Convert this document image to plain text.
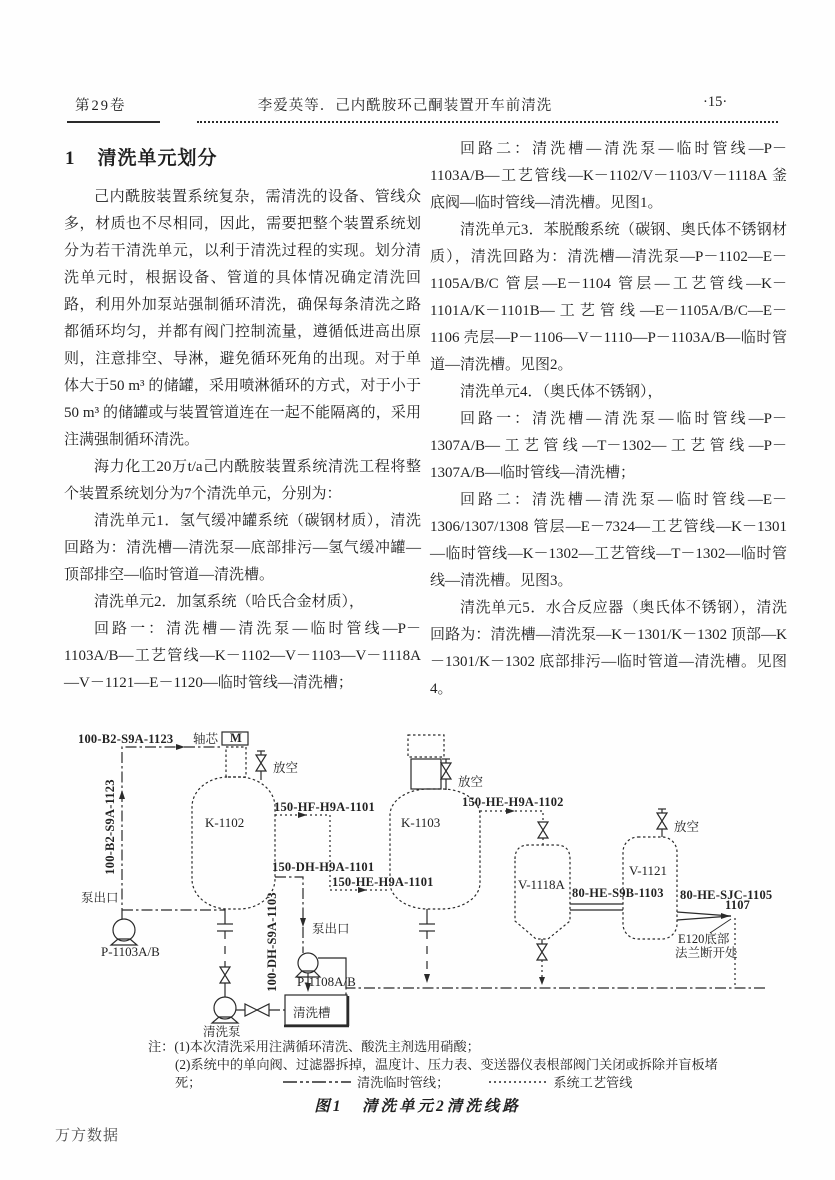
第29卷	李爱英等．己内酰胺环己酮装置开车前清洗	·15·
1 清洗单元划分

己内酰胺装置系统复杂，需清洗的设备、管线众多，材质也不尽相同，因此，需要把整个装置系统划分为若干清洗单元，以利于清洗过程的实现。划分清洗单元时，根据设备、管道的具体情况确定清洗回路，利用外加泵站强制循环清洗，确保每条清洗之路都循环均匀，并都有阀门控制流量，遵循低进高出原则，注意排空、导淋，避免循环死角的出现。对于单体大于50 m³ 的储罐，采用喷淋循环的方式，对于小于50 m³ 的储罐或与装置管道连在一起不能隔离的，采用注满强制循环清洗。

海力化工20万t/a己内酰胺装置系统清洗工程将整个装置系统划分为7个清洗单元，分别为：

清洗单元1．氢气缓冲罐系统（碳钢材质），清洗回路为：清洗槽—清洗泵—底部排污—氢气缓冲罐—顶部排空—临时管道—清洗槽。

清洗单元2．加氢系统（哈氏合金材质），

回路一：清洗槽—清洗泵—临时管线—P－1103A/B—工艺管线—K－1102—V－1103—V－1118A—V－1121—E－1120—临时管线—清洗槽；

回路二：清洗槽—清洗泵—临时管线—P－1103A/B—工艺管线—K－1102/V－1103/V－1118A 釜底阀—临时管线—清洗槽。见图1。

清洗单元3．苯脱酸系统（碳钢、奥氏体不锈钢材质），清洗回路为：清洗槽—清洗泵—P－1102—E－1105A/B/C 管层—E－1104 管层—工艺管线—K－1101A/K－1101B—工艺管线—E－1105A/B/C—E－1106 壳层—P－1106—V－1110—P－1103A/B—临时管道—清洗槽。见图2。

清洗单元4．（奥氏体不锈钢），

回路一：清洗槽—清洗泵—临时管线—P－1307A/B—工艺管线—T－1302—工艺管线—P－1307A/B—临时管线—清洗槽；

回路二：清洗槽—清洗泵—临时管线—E－1306/1307/1308 管层—E－7324—工艺管线—K－1301—临时管线—K－1302—工艺管线—T－1302—临时管线—清洗槽。见图3。

清洗单元5．水合反应器（奥氏体不锈钢），清洗回路为：清洗槽—清洗泵—K－1301/K－1302 顶部—K－1301/K－1302 底部排污—临时管道—清洗槽。见图4。

100-B2-S9A-1123
100-B2-S9A-1123
轴芯 M
放空
K-1102
150-HF-H9A-1101
150-DH-H9A-1101
150-HE-H9A-1101
泵出口
P-1103A/B	100-DH-S9A-1103	泵出口
P-1108A/B
清洗槽
清洗泵
K-1103
放空
150-HE-H9A-1102
V-1118A
80-HE-S9B-1103
V-1121
放空
80-HE-SJC-1105
1107
E120底部
法兰断开处
注：(1)本次清洗采用注满循环清洗、酸洗主剂选用硝酸；
(2)系统中的单向阀、过滤器拆掉，温度计、压力表、变送器仪表根部阀门关闭或拆除并盲板堵死；	清洗临时管线；	系统工艺管线
图1　清洗单元2清洗线路
万方数据
